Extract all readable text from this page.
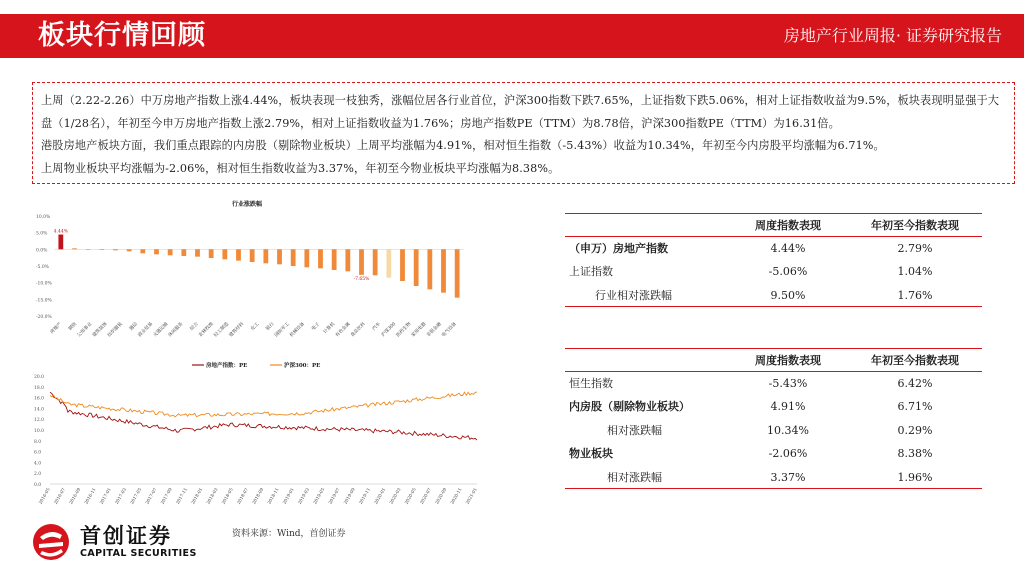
板块行情回顾	房地产行业周报· 证券研究报告

上周（2.22-2.26）中万房地产指数上涨4.44%，板块表现一枝独秀，涨幅位居各行业首位，沪深300指数下跌7.65%，上证指数下跌5.06%，相对上证指数收益为9.5%，板块表现明显强于大盘（1/28名），年初至今申万房地产指数上涨2.79%，相对上证指数收益为1.76%；房地产指数PE（TTM）为8.78倍，沪深300指数PE（TTM）为16.31倍。

港股房地产板块方面，我们重点跟踪的内房股（剔除物业板块）上周平均涨幅为4.91%，相对恒生指数（-5.43%）收益为10.34%，年初至今内房股平均涨幅为6.71%。

上周物业板块平均涨幅为-2.06%，相对恒生指数收益为3.37%，年初至今物业板块平均涨幅为8.38%。

行业涨跌幅
10.0%
5.0%
0.0%
-5.0%
-10.0%
-15.0%
-20.0%
4.44%
-7.65%
房地产	钢铁
公用事业
建筑装饰
纺织服装	通信
商业贸易
交通运输
休闲服务	综合
农林牧渔
轻工制造
建筑材料	化工	银行
国防军工
机械设备	电子 计算机
有色金属
食品饮料	汽车
沪深300
医药生物
家用电器
非银金融
电气设备
房地产指数：PE	沪深300：PE
20.0
18.0
16.0
14.0
12.0
10.0
8.0
6.0
4.0
2.0
0.0
2016-05 2016-07 2016-09 2016-11 2017-01 2017-03 2017-05 2017-07 2017-09 2017-11 2018-01 2018-03 2018-05 2018-07 2018-09 2018-11 2019-01 2019-03 2019-05 2019-07 2019-09 2019-11 2020-01 2020-03 2020-05 2020-07 2020-09 2020-11 2021-01
周度指数表现	年初至今指数表现
（申万）房地产指数	4.44%	2.79%
上证指数	-5.06%	1.04%
行业相对涨跌幅	9.50%	1.76%
周度指数表现	年初至今指数表现
恒生指数	-5.43%	6.42%
内房股（剔除物业板块）	4.91%	6.71%
相对涨跌幅	10.34%	0.29%
物业板块	-2.06%	8.38%
相对涨跌幅	3.37%	1.96%
首创证券
CAPITAL SECURITIES
资料来源：Wind，首创证券
